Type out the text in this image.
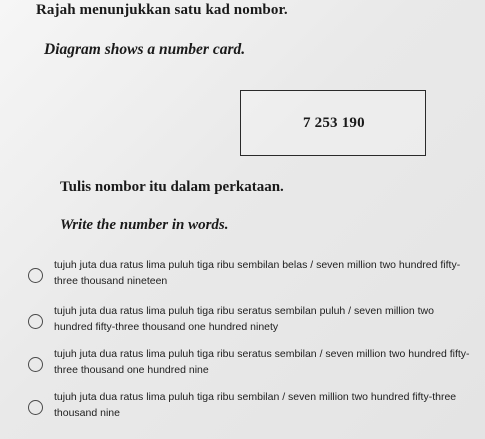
Rajah menunjukkan satu kad nombor.
Diagram shows a number card.
7 253 190
Tulis nombor itu dalam perkataan.
Write the number in words.
tujuh juta dua ratus lima puluh tiga ribu sembilan belas / seven million two hundred fifty-three thousand nineteen
tujuh juta dua ratus lima puluh tiga ribu seratus sembilan puluh / seven million two hundred fifty-three thousand one hundred ninety
tujuh juta dua ratus lima puluh tiga ribu seratus sembilan / seven million two hundred fifty-three thousand one hundred nine
tujuh juta dua ratus lima puluh tiga ribu sembilan / seven million two hundred fifty-three thousand nine
